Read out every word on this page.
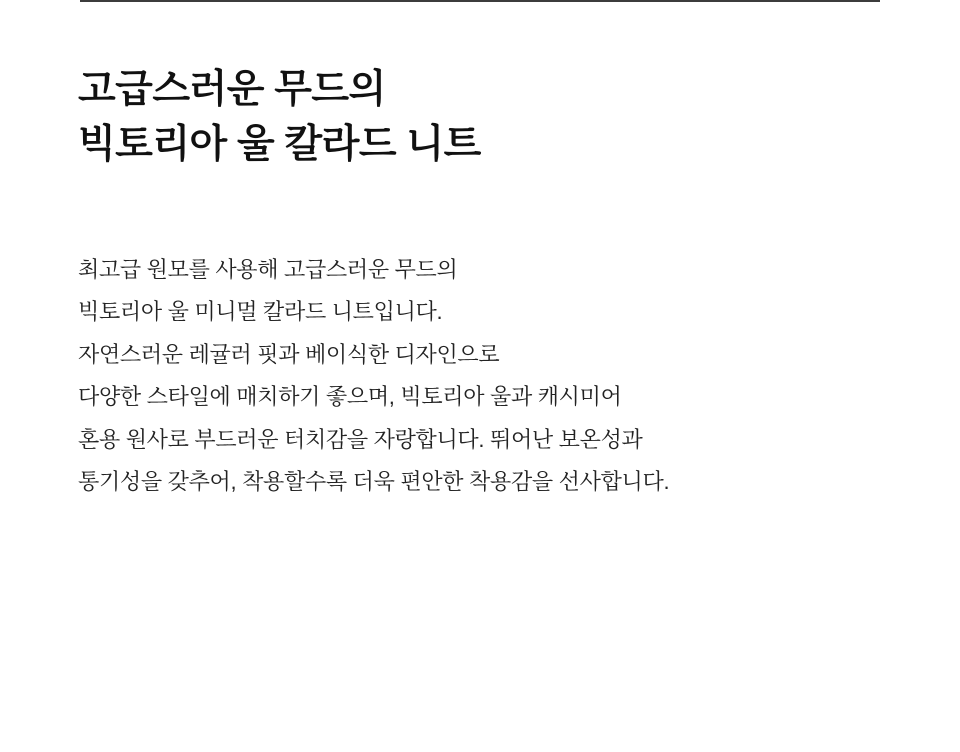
고급스러운 무드의
빅토리아 울 칼라드 니트

최고급 원모를 사용해 고급스러운 무드의
빅토리아 울 미니멀 칼라드 니트입니다.
자연스러운 레귤러 핏과 베이식한 디자인으로
다양한 스타일에 매치하기 좋으며, 빅토리아 울과 캐시미어
혼용 원사로 부드러운 터치감을 자랑합니다. 뛰어난 보온성과
통기성을 갖추어, 착용할수록 더욱 편안한 착용감을 선사합니다.
